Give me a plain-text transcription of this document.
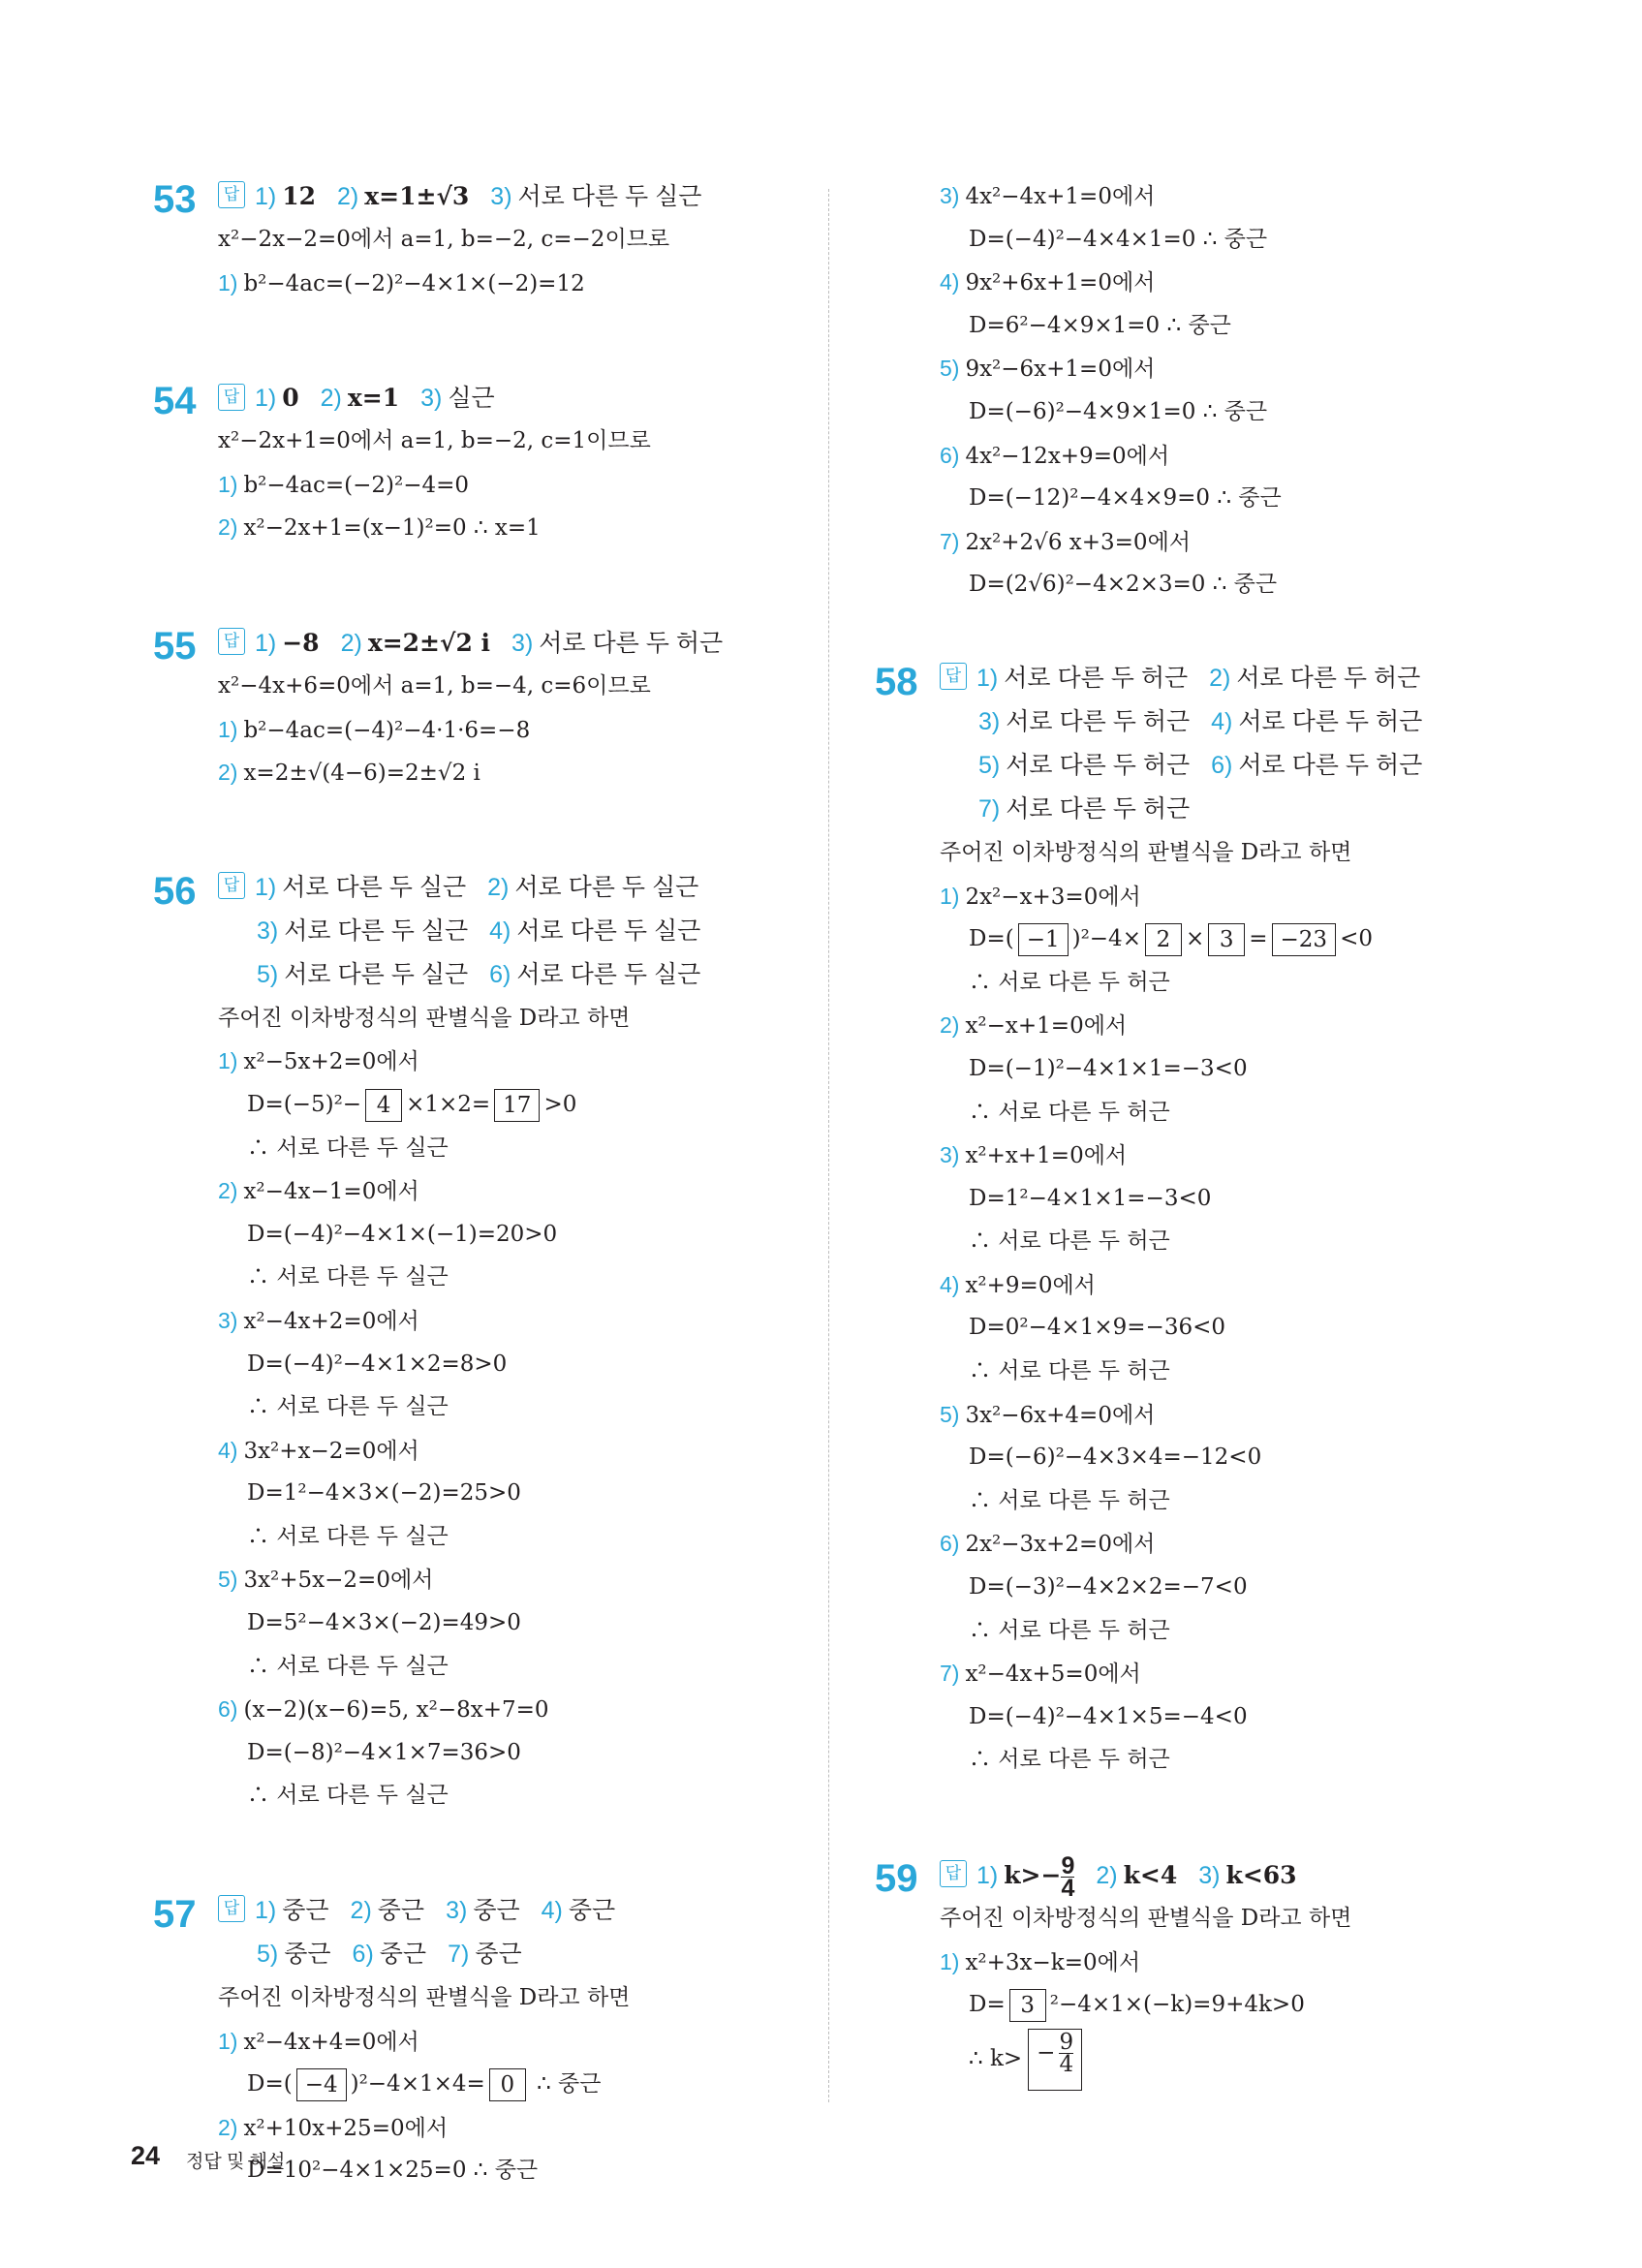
53	답 1) 12 2) x=1±√3 3) 서로 다른 두 실근
x²−2x−2=0에서 a=1, b=−2, c=−2이므로
1) b²−4ac=(−2)²−4×1×(−2)=12
54	답 1) 0 2) x=1 3) 실근
x²−2x+1=0에서 a=1, b=−2, c=1이므로
1) b²−4ac=(−2)²−4=0
2) x²−2x+1=(x−1)²=0 ∴ x=1
55	답 1) −8 2) x=2±√2 i 3) 서로 다른 두 허근
x²−4x+6=0에서 a=1, b=−4, c=6이므로
1) b²−4ac=(−4)²−4·1·6=−8
2) x=2±√(4−6)=2±√2 i
56	답 1) 서로 다른 두 실근 2) 서로 다른 두 실근
3) 서로 다른 두 실근 4) 서로 다른 두 실근
5) 서로 다른 두 실근 6) 서로 다른 두 실근
주어진 이차방정식의 판별식을 D라고 하면
1) x²−5x+2=0에서
D=(−5)²− 4 ×1×2= 17 >0
∴ 서로 다른 두 실근
2) x²−4x−1=0에서
D=(−4)²−4×1×(−1)=20>0
∴ 서로 다른 두 실근
3) x²−4x+2=0에서
D=(−4)²−4×1×2=8>0
∴ 서로 다른 두 실근
4) 3x²+x−2=0에서
D=1²−4×3×(−2)=25>0
∴ 서로 다른 두 실근
5) 3x²+5x−2=0에서
D=5²−4×3×(−2)=49>0
∴ 서로 다른 두 실근
6) (x−2)(x−6)=5, x²−8x+7=0
D=(−8)²−4×1×7=36>0
∴ 서로 다른 두 실근
57	답 1) 중근 2) 중근 3) 중근 4) 중근
5) 중근 6) 중근 7) 중근
주어진 이차방정식의 판별식을 D라고 하면
1) x²−4x+4=0에서
D=( −4 )²−4×1×4= 0 ∴ 중근
2) x²+10x+25=0에서
D=10²−4×1×25=0 ∴ 중근
3) 4x²−4x+1=0에서
D=(−4)²−4×4×1=0 ∴ 중근
4) 9x²+6x+1=0에서
D=6²−4×9×1=0 ∴ 중근
5) 9x²−6x+1=0에서
D=(−6)²−4×9×1=0 ∴ 중근
6) 4x²−12x+9=0에서
D=(−12)²−4×4×9=0 ∴ 중근
7) 2x²+2√6 x+3=0에서
D=(2√6)²−4×2×3=0 ∴ 중근
58	답 1) 서로 다른 두 허근 2) 서로 다른 두 허근
3) 서로 다른 두 허근 4) 서로 다른 두 허근
5) 서로 다른 두 허근 6) 서로 다른 두 허근
7) 서로 다른 두 허근
주어진 이차방정식의 판별식을 D라고 하면
1) 2x²−x+3=0에서
D=( −1 )²−4× 2 × 3 = −23 <0
∴ 서로 다른 두 허근
2) x²−x+1=0에서
D=(−1)²−4×1×1=−3<0
∴ 서로 다른 두 허근
3) x²+x+1=0에서
D=1²−4×1×1=−3<0
∴ 서로 다른 두 허근
4) x²+9=0에서
D=0²−4×1×9=−36<0
∴ 서로 다른 두 허근
5) 3x²−6x+4=0에서
D=(−6)²−4×3×4=−12<0
∴ 서로 다른 두 허근
6) 2x²−3x+2=0에서
D=(−3)²−4×2×2=−7<0
∴ 서로 다른 두 허근
7) x²−4x+5=0에서
D=(−4)²−4×1×5=−4<0
∴ 서로 다른 두 허근
59	답 1) $k>- \frac{9}{4} 2$) k<4 3) k<63
주어진 이차방정식의 판별식을 D라고 하면
1) x²+3x−k=0에서
D= 3 ²−4×1×(−k)=9+4k>0
∴ $k> - \frac{9}{4}$
24 정답 및 해설
